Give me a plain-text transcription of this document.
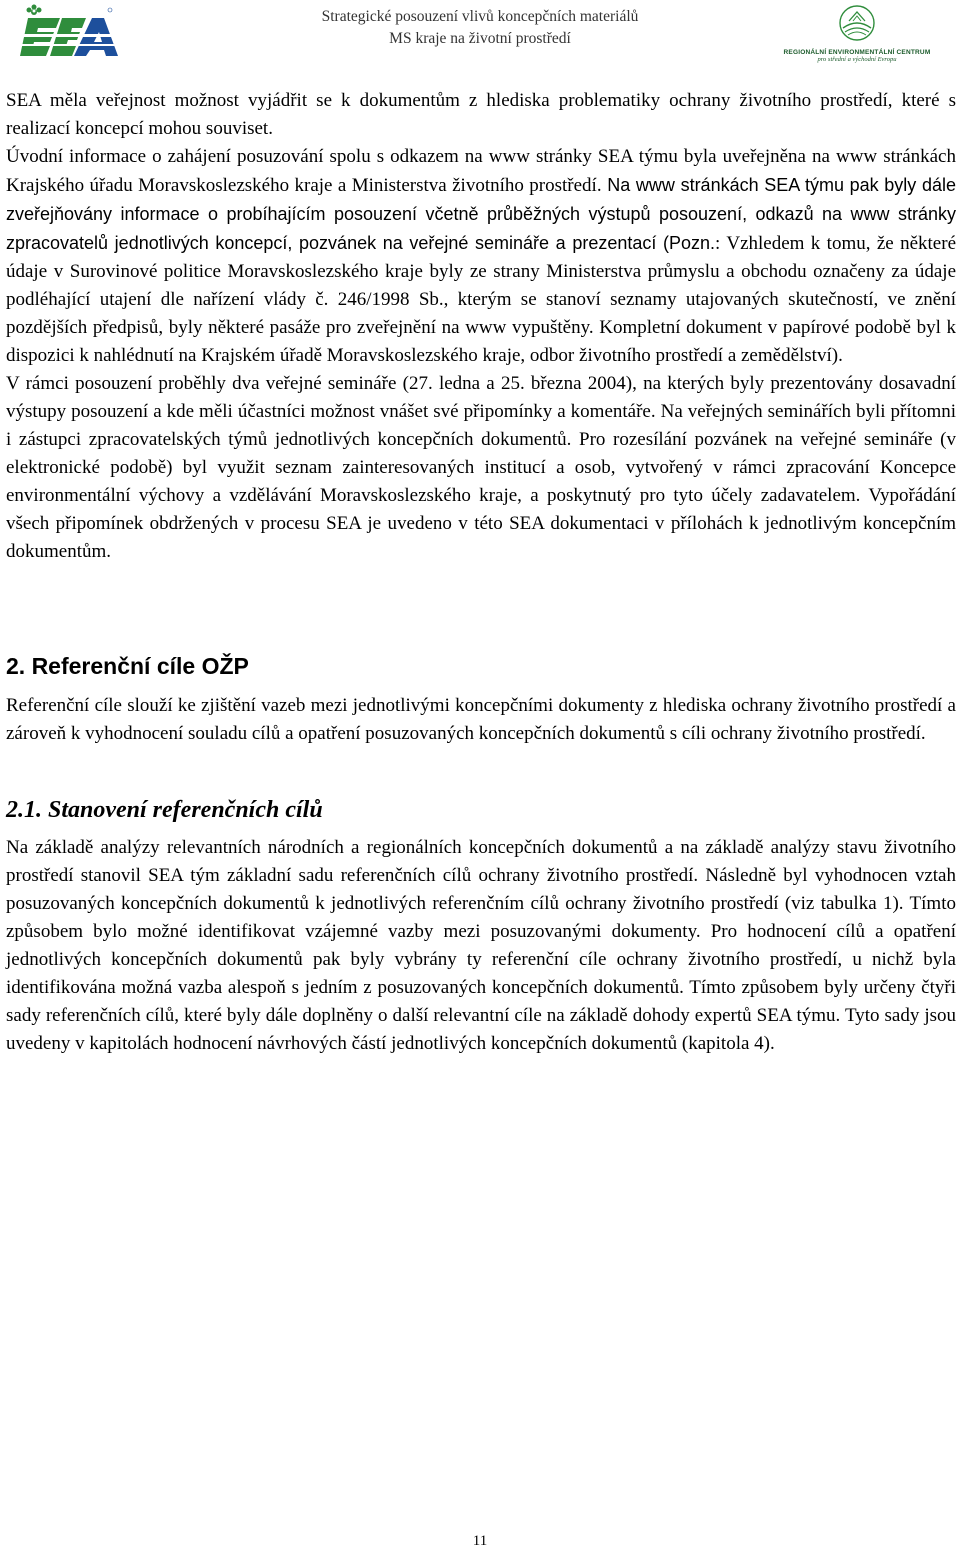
Strategické posouzení vlivů koncepčních materiálů
MS kraje na životní prostředí
REGIONÁLNÍ ENVIRONMENTÁLNÍ CENTRUM
pro střední a východní Evropu

SEA měla veřejnost možnost vyjádřit se k dokumentům z hlediska problematiky ochrany životního prostředí, které s realizací koncepcí mohou souviset.

Úvodní informace o zahájení posuzování spolu s odkazem na www stránky SEA týmu byla uveřejněna na www stránkách Krajského úřadu Moravskoslezského kraje a Ministerstva životního prostředí. Na www stránkách SEA týmu pak byly dále zveřejňovány informace o probíhajícím posouzení včetně průběžných výstupů posouzení, odkazů na www stránky zpracovatelů jednotlivých koncepcí, pozvánek na veřejné semináře a prezentací (Pozn.: Vzhledem k tomu, že některé údaje v Surovinové politice Moravskoslezského kraje byly ze strany Ministerstva průmyslu a obchodu označeny za údaje podléhající utajení dle nařízení vlády č. 246/1998 Sb., kterým se stanoví seznamy utajovaných skutečností, ve znění pozdějších předpisů, byly některé pasáže pro zveřejnění na www vypuštěny. Kompletní dokument v papírové podobě byl k dispozici k nahlédnutí na Krajském úřadě Moravskoslezského kraje, odbor životního prostředí a zemědělství).

V rámci posouzení proběhly dva veřejné semináře (27. ledna a 25. března 2004), na kterých byly prezentovány dosavadní výstupy posouzení a kde měli účastníci možnost vnášet své připomínky a komentáře. Na veřejných seminářích byli přítomni i zástupci zpracovatelských týmů jednotlivých koncepčních dokumentů. Pro rozesílání pozvánek na veřejné semináře (v elektronické podobě) byl využit seznam zainteresovaných institucí a osob, vytvořený v rámci zpracování Koncepce environmentální výchovy a vzdělávání Moravskoslezského kraje, a poskytnutý pro tyto účely zadavatelem. Vypořádání všech připomínek obdržených v procesu SEA je uvedeno v této SEA dokumentaci v přílohách k jednotlivým koncepčním dokumentům.

2. Referenční cíle OŽP

Referenční cíle slouží ke zjištění vazeb mezi jednotlivými koncepčními dokumenty z hlediska ochrany životního prostředí a zároveň k vyhodnocení souladu cílů a opatření posuzovaných koncepčních dokumentů s cíli ochrany životního prostředí.

2.1. Stanovení referenčních cílů

Na základě analýzy relevantních národních a regionálních koncepčních dokumentů a na základě analýzy stavu životního prostředí stanovil SEA tým základní sadu referenčních cílů ochrany životního prostředí. Následně byl vyhodnocen vztah posuzovaných koncepčních dokumentů k jednotlivých referenčním cílů ochrany životního prostředí (viz tabulka 1). Tímto způsobem bylo možné identifikovat vzájemné vazby mezi posuzovanými dokumenty. Pro hodnocení cílů a opatření jednotlivých koncepčních dokumentů pak byly vybrány ty referenční cíle ochrany životního prostředí, u nichž byla identifikována možná vazba alespoň s jedním z posuzovaných koncepčních dokumentů. Tímto způsobem byly určeny čtyři sady referenčních cílů, které byly dále doplněny o další relevantní cíle na základě dohody expertů SEA týmu. Tyto sady jsou uvedeny v kapitolách hodnocení návrhových částí jednotlivých koncepčních dokumentů (kapitola 4).

11
